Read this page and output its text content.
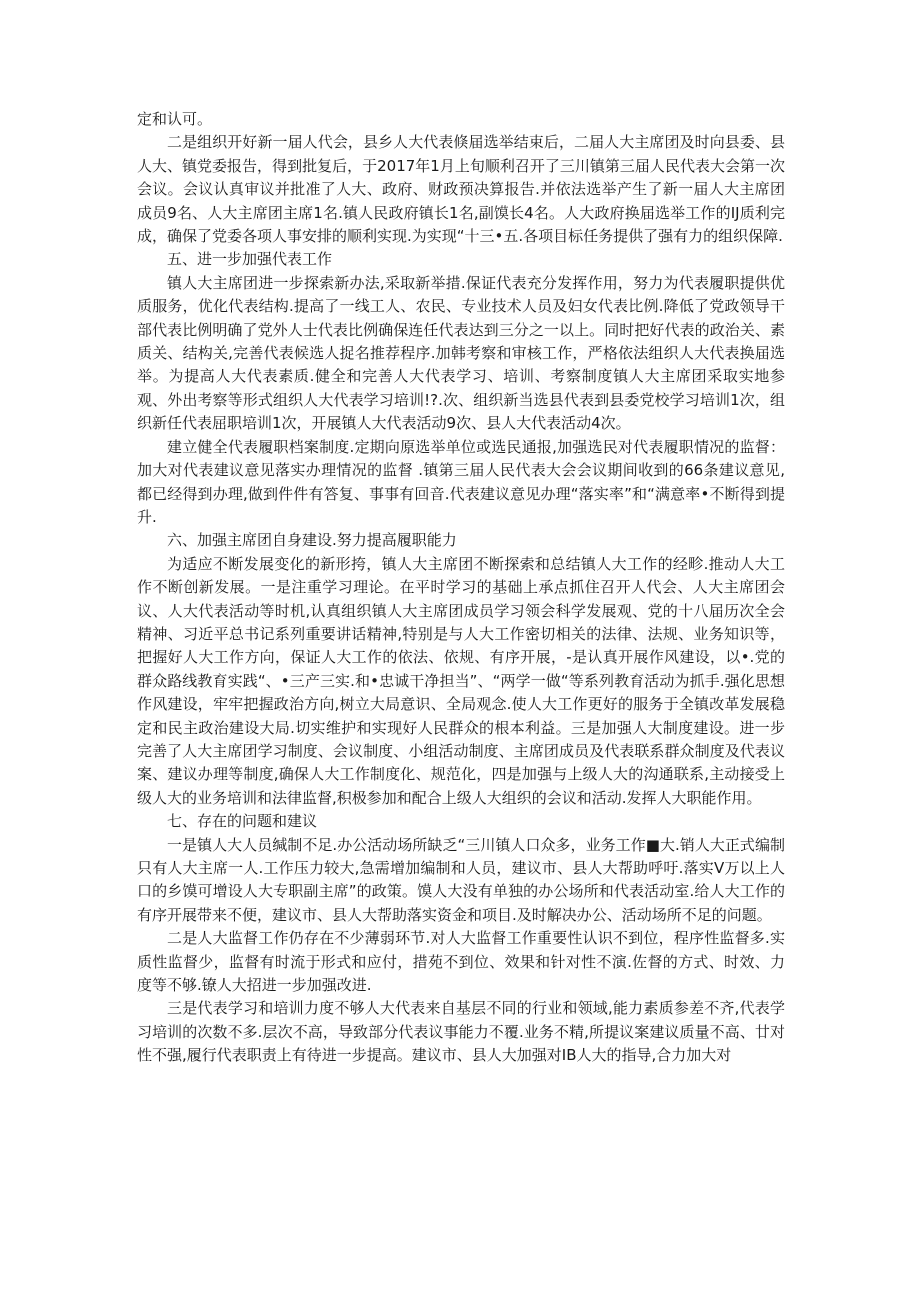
定和认可。

二是组织开好新一届人代会，县乡人大代表倏届选举结束后，二届人大主席团及时向县委、县人大、镇党委报告，得到批复后，于2017年1月上旬顺利召开了三川镇第三届人民代表大会第一次会议。会议认真审议并批准了人大、政府、财政预决算报告.并依法选举产生了新一届人大主席团成员9名、人大主席团主席1名.镇人民政府镇长1名,副馍长4名。人大政府换届选举工作的IJ质利完成，确保了党委各项人事安排的顺利实现.为实现“十三•五.各项目标任务提供了强有力的组织保障.

五、进一步加强代表工作

镇人大主席团进一步探索新办法,采取新举措.保证代表充分发挥作用，努力为代表履职提供优质服务，优化代表结构.提高了一线工人、农民、专业技术人员及妇女代表比例.降低了党政领导干部代表比例明确了党外人士代表比例确保连任代表达到三分之一以上。同时把好代表的政治关、素质关、结构关,完善代表候选人捉名推荐程序.加韩考察和审核工作，严格依法组织人大代表换届选举。为提高人大代表素质.健全和完善人大代表学习、培训、考察制度镇人大主席团采取实地参观、外出考察等形式组织人大代表学习培训!?.次、组织新当选县代表到县委党校学习培训1次，组织新任代表屈职培训1次，开展镇人大代表活动9次、县人大代表活动4次。

建立健全代表履职档案制度.定期向原选举单位或选民通报,加强选民对代表履职情况的监督：加大对代表建议意见落实办理情况的监督 .镇第三届人民代表大会会议期间收到的66条建议意见,都已经得到办理,做到件件有答复、事事有回音.代表建议意见办理“落实率”和“满意率•不断得到提升.

六、加强主席团自身建设.努力提高履职能力

为适应不断发展变化的新形挎，镇人大主席团不断探索和总结镇人大工作的经畛.推动人大工作不断创新发展。一是注重学习理论。在平时学习的基础上承点抓住召开人代会、人大主席团会议、人大代表活动等时机,认真组织镇人大主席团成员学习领会科学发展观、党的十八届历次全会精神、习近平总书记系列重要讲话精神,特别是与人大工作密切相关的法律、法规、业务知识等，把握好人大工作方向，保证人大工作的依法、依规、有序开展，-是认真开展作风建设，以•.党的群众路线教育实践“、•三产三实.和•忠诚干净担当”、“两学一做“等系列教育活动为抓手.强化思想作风建设，牢牢把握政治方向,树立大局意识、全局观念.使人大工作更好的服务于全镇改革发展稳定和民主政治建设大局.切实维护和实现好人民群众的根本利益。三是加强人大制度建设。进一步完善了人大主席团学习制度、会议制度、小组活动制度、主席团成员及代表联系群众制度及代表议案、建议办理等制度,确保人大工作制度化、规范化，四是加强与上级人大的沟通联系,主动接受上级人大的业务培训和法律监督,积极参加和配合上级人大组织的会议和活动.发挥人大职能作用。

七、存在的问题和建议

一是镇人大人员缄制不足.办公活动场所缺乏“三川镇人口众多，业务工作■大.销人大正式编制只有人大主席一人.工作压力较大,急需增加编制和人员，建议市、县人大帮助呼吁.落实V万以上人口的乡馍可增设人大专职副主席”的政策。馍人大没有单独的办公场所和代表活动室.给人大工作的有序开展带来不便，建议市、县人大帮助落实资金和项目.及时解决办公、活动场所不足的问题。

二是人大监督工作仍存在不少薄弱环节.对人大监督工作重要性认识不到位，程序性监督多.实质性监督少，监督有时流于形式和应付，措苑不到位、效果和针对性不演.佐督的方式、时效、力度等不够.镣人大招进一步加强改进.

三是代表学习和培训力度不够人大代表来自基层不同的行业和领域,能力素质参差不齐,代表学习培训的次数不多.层次不高，导致部分代表议事能力不覆.业务不精,所提议案建议质量不高、廿对性不强,履行代表职责上有待进一步提高。建议市、县人大加强对IB人大的指导,合力加大对
